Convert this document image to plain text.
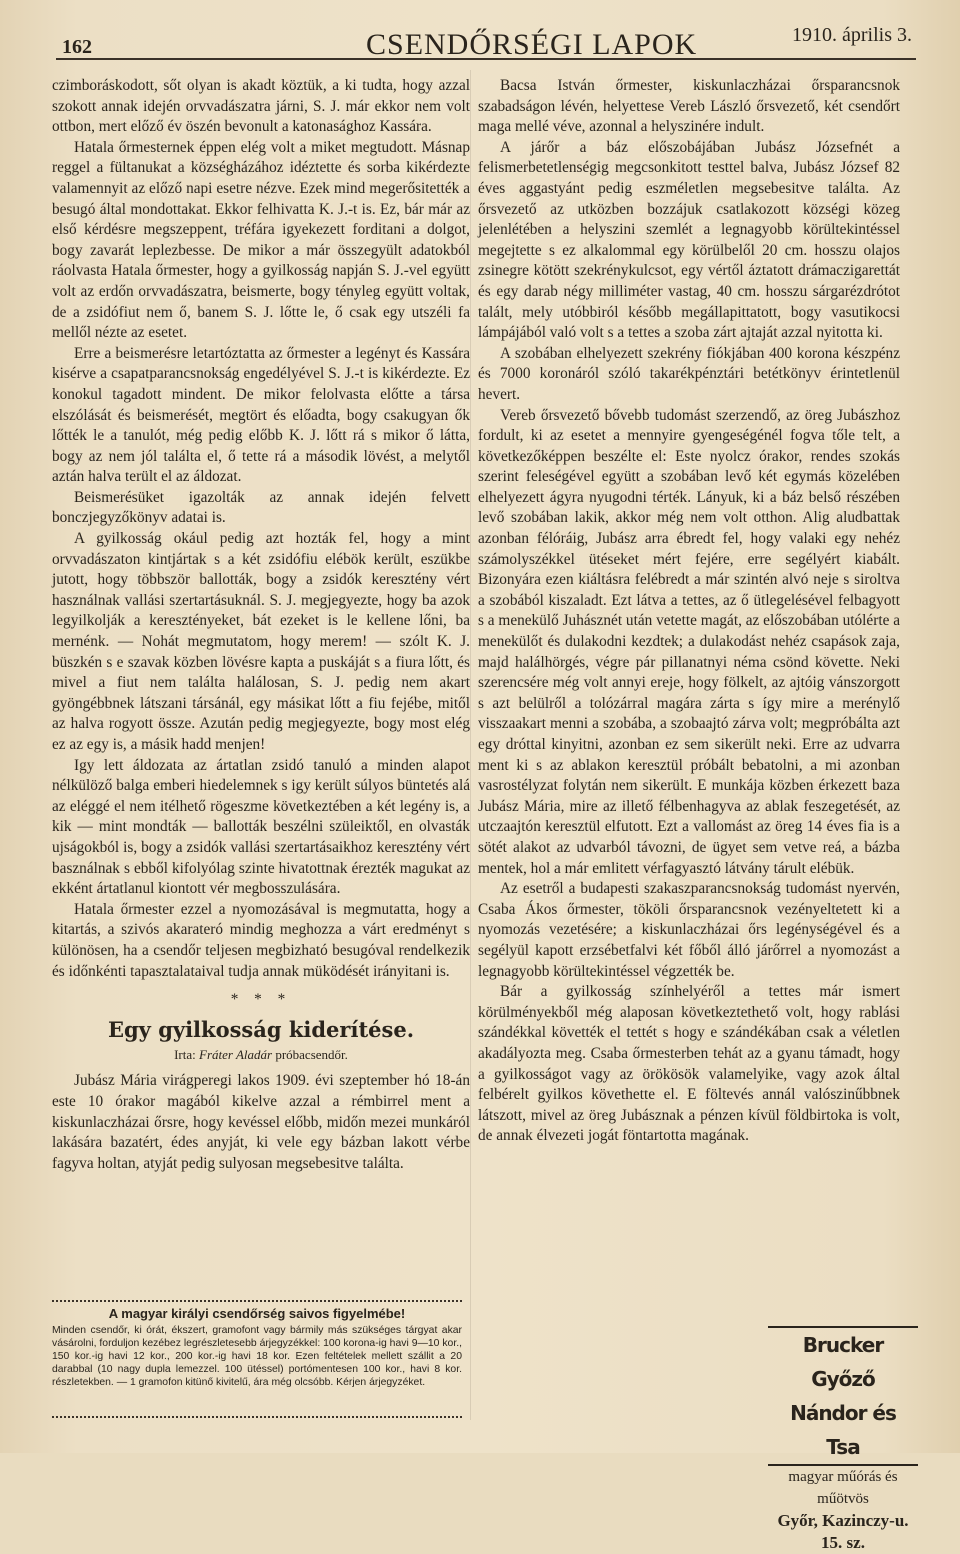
162	CSENDŐRSÉGI LAPOK	1910. április 3.

czimboráskodott, sőt olyan is akadt köztük, a ki tudta, hogy azzal szokott annak idején orvvadászatra járni, S. J. már ekkor nem volt ottbon, mert előző év öszén bevonult a katonasághoz Kassára.

Hatala őrmesternek éppen elég volt a miket megtudott. Másnap reggel a fültanukat a községházához idéztette és sorba kikérdezte valamennyit az előző napi esetre nézve. Ezek mind megerősitették a besugó által mondottakat. Ekkor felhivatta K. J.-t is. Ez, bár már az első kérdésre megszeppent, tréfára igyekezett forditani a dolgot, bogy zavarát leplezbesse. De mikor a már összegyült adatokból ráolvasta Hatala őrmester, hogy a gyilkosság napján S. J.-vel együtt volt az erdőn orvvadászatra, beismerte, bogy tényleg együtt voltak, de a zsidófiut nem ő, banem S. J. lőtte le, ő csak egy utszéli fa mellől nézte az esetet.

Erre a beismerésre letartóztatta az őrmester a legényt és Kassára kisérve a csapatparancsnokság engedélyével S. J.-t is kikérdezte. Ez konokul tagadott mindent. De mikor felolvasta előtte a társa elszólását és beismerését, megtört és előadta, bogy csakugyan ők lőtték le a tanulót, még pedig előbb K. J. lőtt rá s mikor ő látta, bogy az nem jól találta el, ő tette rá a második lövést, a melytől aztán halva terült el az áldozat.

Beismerésüket igazolták az annak idején felvett bonczjegyzőkönyv adatai is.

A gyilkosság okául pedig azt hozták fel, hogy a mint orvvadászaton kintjártak s a két zsidófiu elébök került, eszükbe jutott, hogy többször ballották, bogy a zsidók keresztény vért használnak vallási szertartásuknál. S. J. megjegyezte, hogy ba azok legyilkolják a keresztényeket, bát ezeket is le kellene lőni, ba mernénk. — Nohát megmutatom, hogy merem! — szólt K. J. büszkén s e szavak közben lövésre kapta a puskáját s a fiura lőtt, és mivel a fiut nem találta halálosan, S. J. pedig nem akart gyöngébbnek látszani társánál, egy másikat lőtt a fiu fejébe, mitől az halva rogyott össze. Azután pedig megjegyezte, bogy most elég ez az egy is, a másik hadd menjen!

Igy lett áldozata az ártatlan zsidó tanuló a minden alapot nélkülöző balga emberi hiedelemnek s igy került súlyos büntetés alá az eléggé el nem itélhető rögeszme következtében a két legény is, a kik — mint mondták — ballották beszélni szüleiktől, en olvasták ujságokból is, bogy a zsidók vallási szertartásaikhoz keresztény vért basználnak s ebből kifolyólag szinte hivatottnak érezték magukat az ekként ártatlanul kiontott vér megbosszulására.

Hatala őrmester ezzel a nyomozásával is megmutatta, hogy a kitartás, a szivós akarateró mindig meghozza a várt eredményt s különösen, ha a csendőr teljesen megbizható besugóval rendelkezik és időnkénti tapasztalataival tudja annak müködését irányitani is.

* * *
Egy gyilkosság kiderítése.
Irta: Fráter Aladár próbacsendőr.

Jubász Mária virágperegi lakos 1909. évi szeptember hó 18-án este 10 órakor magából kikelve azzal a rémbirrel ment a kiskunlaczházai őrsre, hogy kevéssel előbb, midőn mezei munkáról lakására bazatért, édes anyját, ki vele egy bázban lakott vérbe fagyva holtan, atyját pedig sulyosan megsebesitve találta.

Bacsa István őrmester, kiskunlaczházai őrsparancsnok szabadságon lévén, helyettese Vereb László őrsvezető, két csendőrt maga mellé véve, azonnal a helyszinére indult.

A járőr a báz előszobájában Jubász Józsefnét a felismerbetetlenségig megcsonkitott testtel balva, Jubász József 82 éves aggastyánt pedig eszméletlen megsebesitve találta. Az őrsvezető az utközben bozzájuk csatlakozott községi közeg jelenlétében a helyszini szemlét a legnagyobb körültekintéssel megejtette s ez alkalommal egy körülbelől 20 cm. hosszu olajos zsinegre kötött szekrénykulcsot, egy vértől áztatott drámaczigarettát és egy darab négy milliméter vastag, 40 cm. hosszu sárgarézdrótot talált, mely utóbbiról később megállapittatott, bogy vasutikocsi lámpájából való volt s a tettes a szoba zárt ajtaját azzal nyitotta ki.

A szobában elhelyezett szekrény fiókjában 400 korona készpénz és 7000 koronáról szóló takarékpénztári betétkönyv érintetlenül hevert.

Vereb őrsvezető bővebb tudomást szerzendő, az öreg Jubászhoz fordult, ki az esetet a mennyire gyengeségénél fogva tőle telt, a következőképpen beszélte el: Este nyolcz órakor, rendes szokás szerint feleségével együtt a szobában levő két egymás közelében elhelyezett ágyra nyugodni térték. Lányuk, ki a báz belső részében levő szobában lakik, akkor még nem volt otthon. Alig aludbattak azonban félóráig, Jubász arra ébredt fel, hogy valaki egy nehéz számolyszékkel ütéseket mért fejére, erre segélyért kiabált. Bizonyára ezen kiáltásra felébredt a már szintén alvó neje s siroltva a szobából kiszaladt. Ezt látva a tettes, az ő ütlegelésével felbagyott s a menekülő Juhásznét után vetette magát, az előszobában utólérte a menekülőt és dulakodni kezdtek; a dulakodást nehéz csapások zaja, majd halálhörgés, végre pár pillanatnyi néma csönd követte. Neki szerencsére még volt annyi ereje, hogy fölkelt, az ajtóig vánszorgott s azt belülről a tolózárral magára zárta s így mire a merénylő visszaakart menni a szobába, a szobaajtó zárva volt; megpróbálta azt egy dróttal kinyitni, azonban ez sem sikerült neki. Erre az udvarra ment ki s az ablakon keresztül próbált bebatolni, a mi azonban vasrostélyzat folytán nem sikerült. E munkája közben érkezett baza Jubász Mária, mire az illető félbenhagyva az ablak feszegetését, az utczaajtón keresztül elfutott. Ezt a vallomást az öreg 14 éves fia is a sötét alakot az udvarból távozni, de ügyet sem vetve reá, a bázba mentek, hol a már emlitett vérfagyasztó látvány tárult elébük.

Az esetről a budapesti szakaszparancsnokság tudomást nyervén, Csaba Ákos őrmester, tököli őrsparancsnok vezényeltetett ki a nyomozás vezetésére; a kiskunlaczházai őrs legénységével és a segélyül kapott erzsébetfalvi két főből álló járőrrel a nyomozást a legnagyobb körültekintéssel végzették be.

Bár a gyilkosság színhelyéről a tettes már ismert körülményekből még alaposan következtethető volt, hogy rablási szándékkal követték el tettét s hogy e szándékában csak a véletlen akadályozta meg. Csaba őrmesterben tehát az a gyanu támadt, hogy a gyilkosságot vagy az örökösök valamelyike, vagy azok által felbérelt gyilkos követhette el. E föltevés annál valószinűbbnek látszott, mivel az öreg Jubásznak a pénzen kívül földbirtoka is volt, de annak élvezeti jogát föntartotta magának.

A magyar királyi csendőrség saivos figyelmébe!
Minden csendőr, ki órát, ékszert, gramofont vagy bármily más szükséges tárgyat akar vásárolni, forduljon kezébez legrészletesebb árjegyzékkel: 100 korona-ig havi 9—10 kor., 150 kor.-ig havi 12 kor., 200 kor.-ig havi 18 kor. Ezen feltételek mellett szállit a 20 darabbal (10 nagy dupla lemezzel. 100 ütéssel) portómentesen 100 kor., havi 8 kor. részletekben. — 1 gramofon kitünő kivitelű, ára még olcsóbb. Kérjen árjegyzéket.
Brucker Győző Nándor és Tsa
magyar műórás és műötvös
Győr, Kazinczy-u. 15. sz.
